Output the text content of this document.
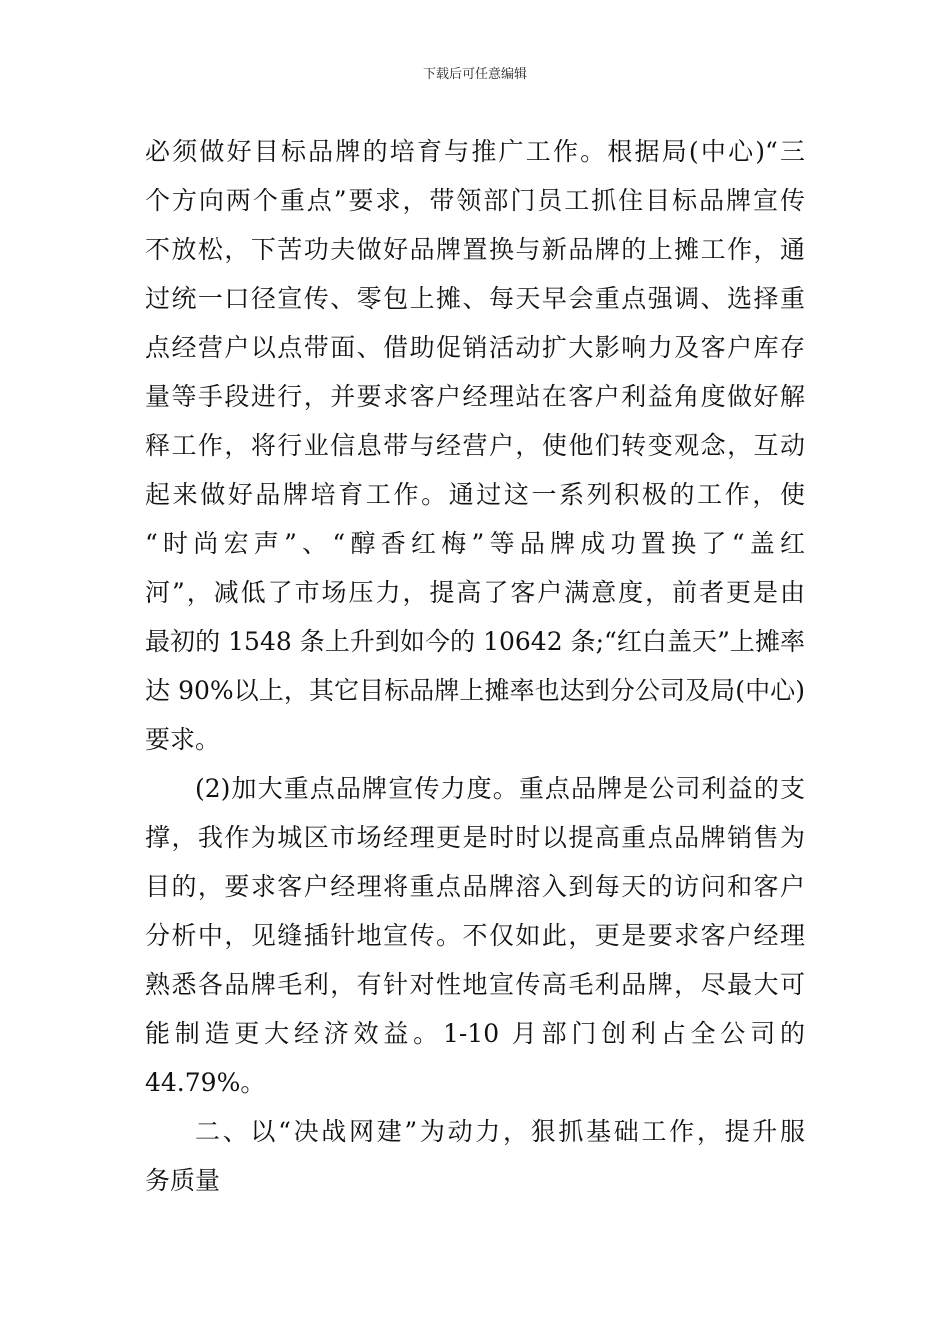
下载后可任意编辑
必须做好目标品牌的培育与推广工作。根据局(中心)“三
个方向两个重点”要求，带领部门员工抓住目标品牌宣传
不放松，下苦功夫做好品牌置换与新品牌的上摊工作，通
过统一口径宣传、零包上摊、每天早会重点强调、选择重
点经营户以点带面、借助促销活动扩大影响力及客户库存
量等手段进行，并要求客户经理站在客户利益角度做好解
释工作，将行业信息带与经营户，使他们转变观念，互动
起来做好品牌培育工作。通过这一系列积极的工作，使
“时尚宏声”、“醇香红梅”等品牌成功置换了“盖红
河”，减低了市场压力，提高了客户满意度，前者更是由
最初的 1548 条上升到如今的 10642 条;“红白盖天”上摊率
达 90%以上，其它目标品牌上摊率也达到分公司及局(中心)
要求。
(2)加大重点品牌宣传力度。重点品牌是公司利益的支
撑，我作为城区市场经理更是时时以提高重点品牌销售为
目的，要求客户经理将重点品牌溶入到每天的访问和客户
分析中，见缝插针地宣传。不仅如此，更是要求客户经理
熟悉各品牌毛利，有针对性地宣传高毛利品牌，尽最大可
能制造更大经济效益。1-10 月部门创利占全公司的
44.79%。
二、以“决战网建”为动力，狠抓基础工作，提升服
务质量
